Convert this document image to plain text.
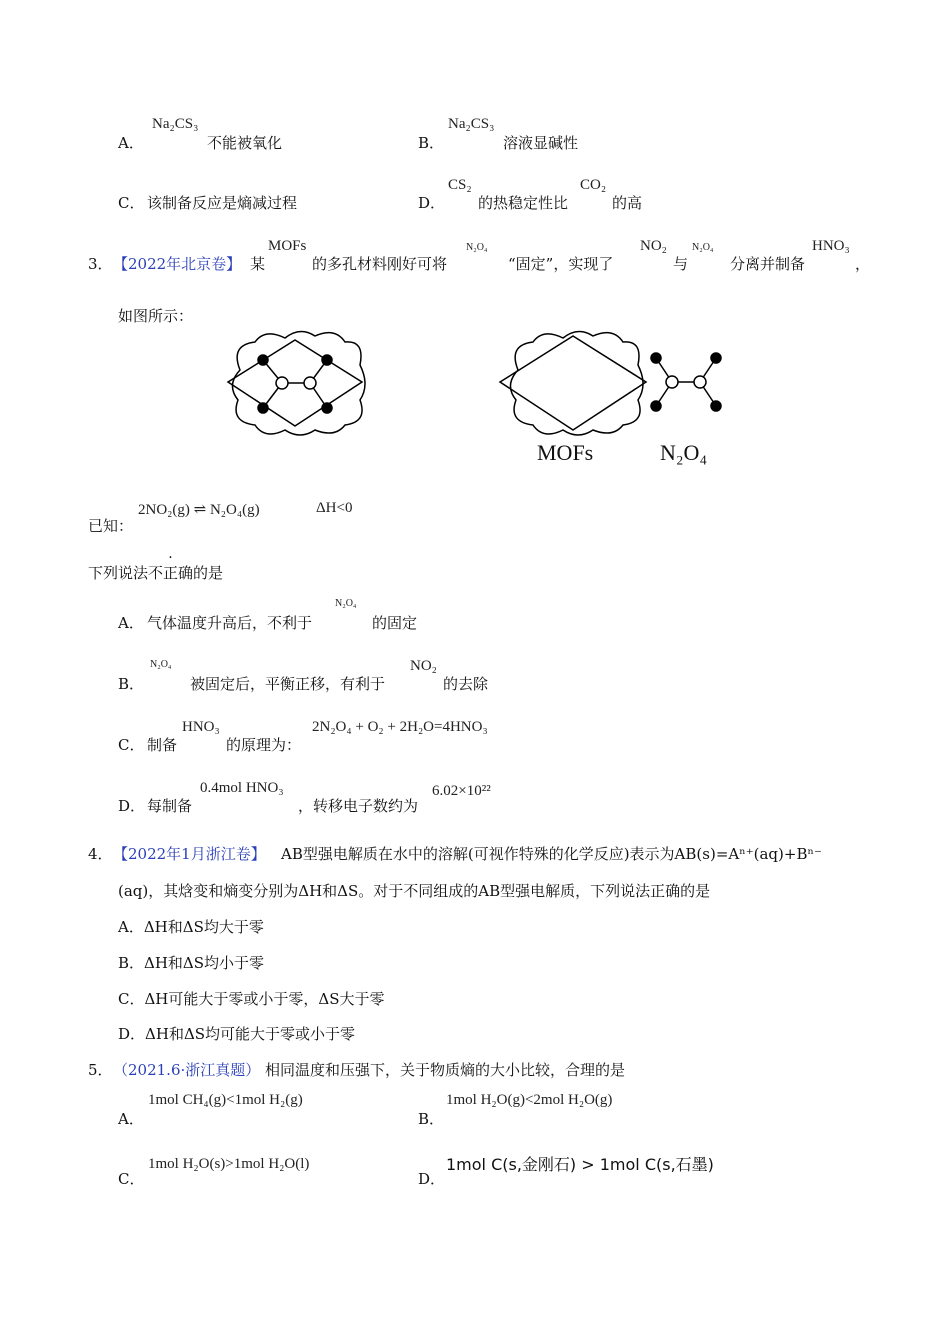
A．
Na₂CS₃
不能被氧化	B．
Na₂CS₃
溶液显碱性
C． 该制备反应是熵减过程	D．
CS₂
的热稳定性比
CO₂
的高
3． 【2022年北京卷】 某
MOFs
的多孔材料刚好可将
N₂O₄
“固定”，实现了
NO₂
与
N₂O₄
分离并制备
HNO₃
，
如图所示：
MOFs	N₂O₄
已知：
2NO₂(g) ⇌ N₂O₄(g)	ΔH<0
下列说法不正确的是
A． 气体温度升高后，不利于
N₂O₄
的固定
B．
N₂O₄
被固定后，平衡正移，有利于
NO₂
的去除
C． 制备
HNO₃
的原理为：
2N₂O₄ + O₂ + 2H₂O=4HNO₃
D． 每制备
0.4mol HNO₃
，转移电子数约为
6.02×10²²
4． 【2022年1月浙江卷】 AB型强电解质在水中的溶解(可视作特殊的化学反应)表示为AB(s)=Aⁿ⁺(aq)+Bⁿ⁻
(aq)，其焓变和熵变分别为ΔH和ΔS。对于不同组成的AB型强电解质，下列说法正确的是
A．ΔH和ΔS均大于零
B．ΔH和ΔS均小于零
C．ΔH可能大于零或小于零，ΔS大于零
D．ΔH和ΔS均可能大于零或小于零
5． （2021.6·浙江真题） 相同温度和压强下，关于物质熵的大小比较，合理的是
A．
1mol CH₄(g)<1mol H₂(g)
B．
1mol H₂O(g)<2mol H₂O(g)
C．
1mol H₂O(s)>1mol H₂O(l)
D．
1mol C(s,金刚石) > 1mol C(s,石墨)
